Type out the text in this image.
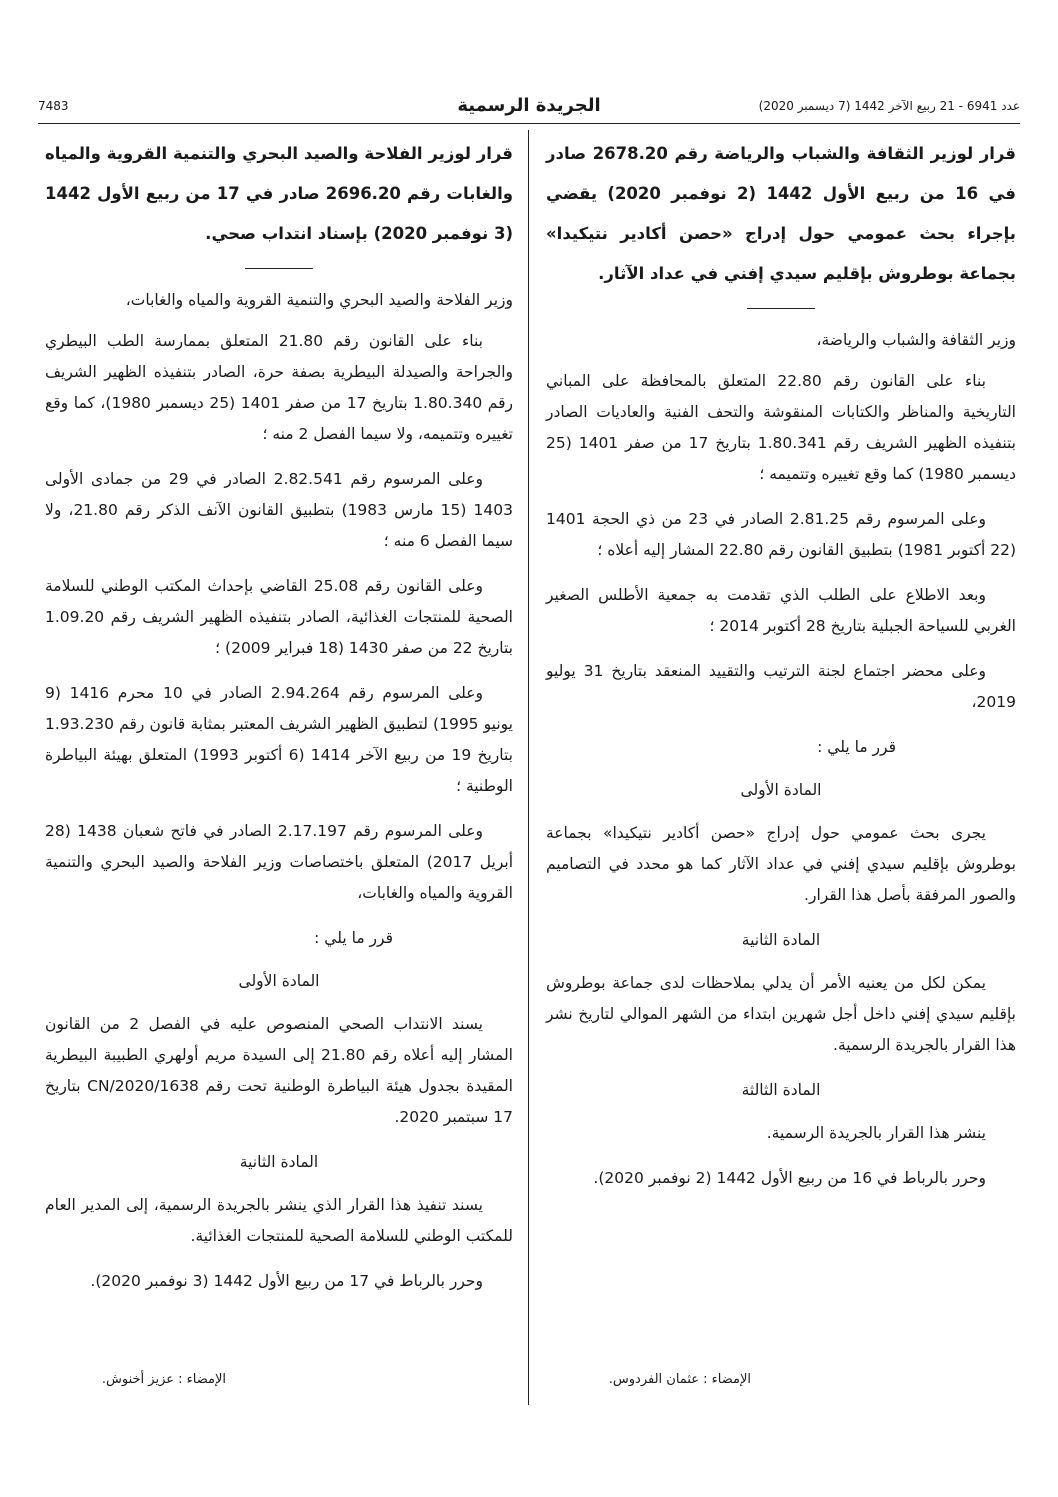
عدد 6941 - 21 ربيع الآخر 1442 (7 ديسمبر 2020)
الجريدة الرسمية
7483

قرار لوزير الثقافة والشباب والرياضة رقم 2678.20 صادر في 16 من ربيع الأول 1442 (2 نوفمبر 2020) يقضي بإجراء بحث عمومي حول إدراج «حصن أكادير نتيكيدا» بجماعة بوطروش بإقليم سيدي إفني في عداد الآثار.

وزير الثقافة والشباب والرياضة،

بناء على القانون رقم 22.80 المتعلق بالمحافظة على المباني التاريخية والمناظر والكتابات المنقوشة والتحف الفنية والعاديات الصادر بتنفيذه الظهير الشريف رقم 1.80.341 بتاريخ 17 من صفر 1401 (25 ديسمبر 1980) كما وقع تغييره وتتميمه ؛

وعلى المرسوم رقم 2.81.25 الصادر في 23 من ذي الحجة 1401 (22 أكتوبر 1981) بتطبيق القانون رقم 22.80 المشار إليه أعلاه ؛

وبعد الاطلاع على الطلب الذي تقدمت به جمعية الأطلس الصغير الغربي للسياحة الجبلية بتاريخ 28 أكتوبر 2014 ؛

وعلى محضر اجتماع لجنة الترتيب والتقييد المنعقد بتاريخ 31 يوليو 2019،

قرر ما يلي :

المادة الأولى

يجرى بحث عمومي حول إدراج «حصن أكادير نتيكيدا» بجماعة بوطروش بإقليم سيدي إفني في عداد الآثار كما هو محدد في التصاميم والصور المرفقة بأصل هذا القرار.

المادة الثانية

يمكن لكل من يعنيه الأمر أن يدلي بملاحظات لدى جماعة بوطروش بإقليم سيدي إفني داخل أجل شهرين ابتداء من الشهر الموالي لتاريخ نشر هذا القرار بالجريدة الرسمية.

المادة الثالثة

ينشر هذا القرار بالجريدة الرسمية.

وحرر بالرباط في 16 من ربيع الأول 1442 (2 نوفمبر 2020).

قرار لوزير الفلاحة والصيد البحري والتنمية القروية والمياه والغابات رقم 2696.20 صادر في 17 من ربيع الأول 1442 (3 نوفمبر 2020) بإسناد انتداب صحي.

وزير الفلاحة والصيد البحري والتنمية القروية والمياه والغابات،

بناء على القانون رقم 21.80 المتعلق بممارسة الطب البيطري والجراحة والصيدلة البيطرية بصفة حرة، الصادر بتنفيذه الظهير الشريف رقم 1.80.340 بتاريخ 17 من صفر 1401 (25 ديسمبر 1980)، كما وقع تغييره وتتميمه، ولا سيما الفصل 2 منه ؛

وعلى المرسوم رقم 2.82.541 الصادر في 29 من جمادى الأولى 1403 (15 مارس 1983) بتطبيق القانون الآنف الذكر رقم 21.80، ولا سيما الفصل 6 منه ؛

وعلى القانون رقم 25.08 القاضي بإحداث المكتب الوطني للسلامة الصحية للمنتجات الغذائية، الصادر بتنفيذه الظهير الشريف رقم 1.09.20 بتاريخ 22 من صفر 1430 (18 فبراير 2009) ؛

وعلى المرسوم رقم 2.94.264 الصادر في 10 محرم 1416 (9 يونيو 1995) لتطبيق الظهير الشريف المعتبر بمثابة قانون رقم 1.93.230 بتاريخ 19 من ربيع الآخر 1414 (6 أكتوبر 1993) المتعلق بهيئة البياطرة الوطنية ؛

وعلى المرسوم رقم 2.17.197 الصادر في فاتح شعبان 1438 (28 أبريل 2017) المتعلق باختصاصات وزير الفلاحة والصيد البحري والتنمية القروية والمياه والغابات،

قرر ما يلي :

المادة الأولى

يسند الانتداب الصحي المنصوص عليه في الفصل 2 من القانون المشار إليه أعلاه رقم 21.80 إلى السيدة مريم أولهري الطبيبة البيطرية المقيدة بجدول هيئة البياطرة الوطنية تحت رقم 1638/CN/2020 بتاريخ 17 سبتمبر 2020.

المادة الثانية

يسند تنفيذ هذا القرار الذي ينشر بالجريدة الرسمية، إلى المدير العام للمكتب الوطني للسلامة الصحية للمنتجات الغذائية.

وحرر بالرباط في 17 من ربيع الأول 1442 (3 نوفمبر 2020).

الإمضاء : عثمان الفردوس.
الإمضاء : عزيز أخنوش.
